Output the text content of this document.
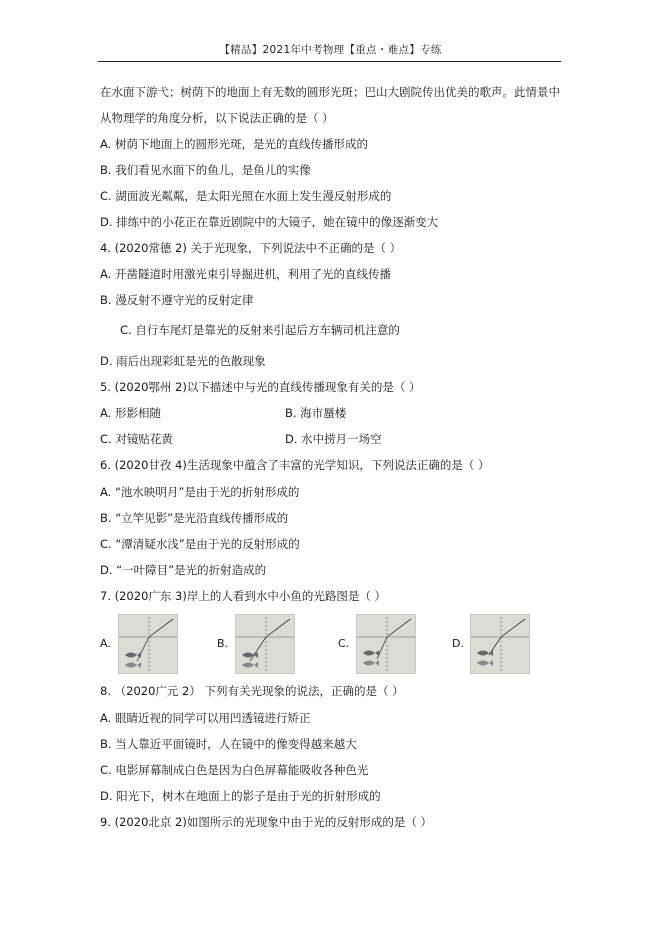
【精品】2021年中考物理【重点・难点】专练
在水面下游弋；树荫下的地面上有无数的圆形光斑；巴山大剧院传出优美的歌声。此情景中
从物理学的角度分析，以下说法正确的是（ ）
A. 树荫下地面上的圆形光斑，是光的直线传播形成的
B. 我们看见水面下的鱼儿，是鱼儿的实像
C. 湖面波光粼粼，是太阳光照在水面上发生漫反射形成的
D. 排练中的小花正在靠近剧院中的大镜子，她在镜中的像逐渐变大
4. (2020常德 2) 关于光现象，下列说法中不正确的是（ ）
A. 开凿隧道时用激光束引导掘进机，利用了光的直线传播
B. 漫反射不遵守光的反射定律
C. 自行车尾灯是靠光的反射来引起后方车辆司机注意的
D. 雨后出现彩虹是光的色散现象
5. (2020鄂州 2)以下描述中与光的直线传播现象有关的是（ ）
A. 形影相随	B. 海市蜃楼
C. 对镜贴花黄	D. 水中捞月一场空
6. (2020甘孜 4)生活现象中蕴含了丰富的光学知识，下列说法正确的是（ ）
A. “池水映明月”是由于光的折射形成的
B. “立竿见影”是光沿直线传播形成的
C. “潭清疑水浅”是由于光的反射形成的
D. “一叶障目”是光的折射造成的
7. (2020广东 3)岸上的人看到水中小鱼的光路图是（ ）
A.	B.	C.	D.
8. （2020广元 2） 下列有关光现象的说法，正确的是（ ）
A. 眼睛近视的同学可以用凹透镜进行矫正
B. 当人靠近平面镜时，人在镜中的像变得越来越大
C. 电影屏幕制成白色是因为白色屏幕能吸收各种色光
D. 阳光下，树木在地面上的影子是由于光的折射形成的
9. (2020北京 2)如图所示的光现象中由于光的反射形成的是（ ）
